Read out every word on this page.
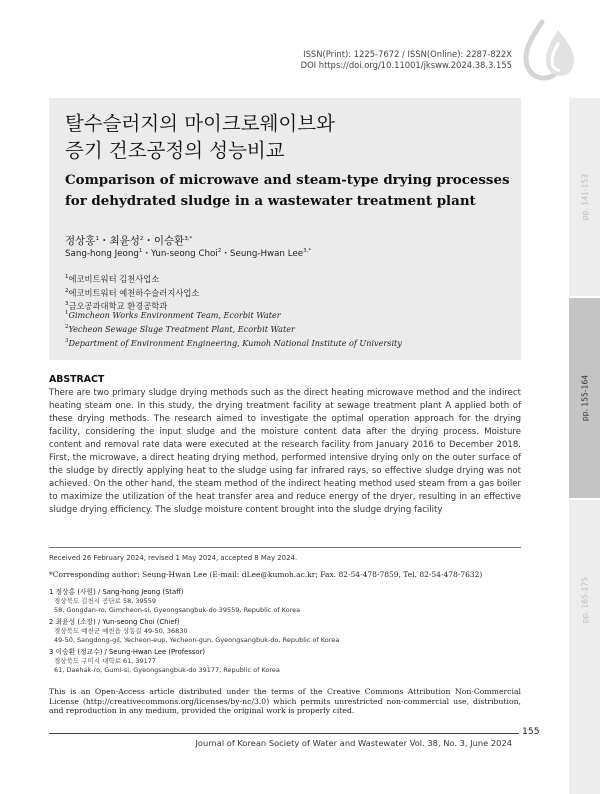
ISSN(Print): 1225-7672 / ISSN(Online): 2287-822X
DOI https://doi.org/10.11001/jksww.2024.38.3.155
탈수슬러지의 마이크로웨이브와
증기 건조공정의 성능비교
Comparison of microwave and steam-type drying processes for dehydrated sludge in a wastewater treatment plant
정상홍$^1$・최윤성$^2$・이승환$^{3,*}$
Sang-hong Jeong$^1$・Yun-seong Choi$^2$・Seung-Hwan Lee$^{3,*}$
$^1$에코비트워터 김천사업소
$^2$에코비트워터 예천하수슬러지사업소
$^3$금오공과대학교 환경공학과
$^1$Gimcheon Works Environment Team, Ecorbit Water
$^2$Yecheon Sewage Sluge Treatment Plant, Ecorbit Water
$^3$Department of Environment Engineering, Kumoh National Institute of University
pp. 141-153
pp. 155-164
pp. 165-175
ABSTRACT
There are two primary sludge drying methods such as the direct heating microwave method and the indirect heating steam one. In this study, the drying treatment facility at sewage treatment plant A applied both of these drying methods. The research aimed to investigate the optimal operation approach for the drying facility, considering the input sludge and the moisture content data after the drying process. Moisture content and removal rate data were executed at the research facility from January 2016 to December 2018. First, the microwave, a direct heating drying method, performed intensive drying only on the outer surface of the sludge by directly applying heat to the sludge using far infrared rays, so effective sludge drying was not achieved. On the other hand, the steam method of the indirect heating method used steam from a gas boiler to maximize the utilization of the heat transfer area and reduce energy of the dryer, resulting in an effective sludge drying efficiency. The sludge moisture content brought into the sludge drying facility
Received 26 February 2024, revised 1 May 2024, accepted 8 May 2024.
*Corresponding author: Seung-Hwan Lee (E-mail: dLee@kumoh.ac.kr; Fax. 82-54-478-7859, Tel. 82-54-478-7632)
1 정상홍 (사원) / Sang-hong Jeong (Staff)
경상북도 김천시 공단로 58, 39559
58, Gongdan-ro, Gimcheon-si, Gyeongsangbuk-do 39559, Republic of Korea
2 최윤성 (소장) / Yun-seong Choi (Chief)
경상북도 예천군 예천읍 상동길 49-50, 36830
49-50, Sangdong-gil, Yecheon-eup, Yecheon-gun, Gyeongsangbuk-do, Republic of Korea
3 이승환 (정교수) / Seung-Hwan Lee (Professor)
경상북도 구미시 대학로 61, 39177
61, Daehak-ro, Gumi-si, Gyeongsangbuk-do 39177, Republic of Korea
This is an Open-Access article distributed under the terms of the Creative Commons Attribution Non-Commercial License (http://creativecommons.org/licenses/by-nc/3.0) which permits unrestricted non-commercial use, distribution, and reproduction in any medium, provided the original work is properly cited.
155
Journal of Korean Society of Water and Wastewater Vol. 38, No. 3, June 2024
